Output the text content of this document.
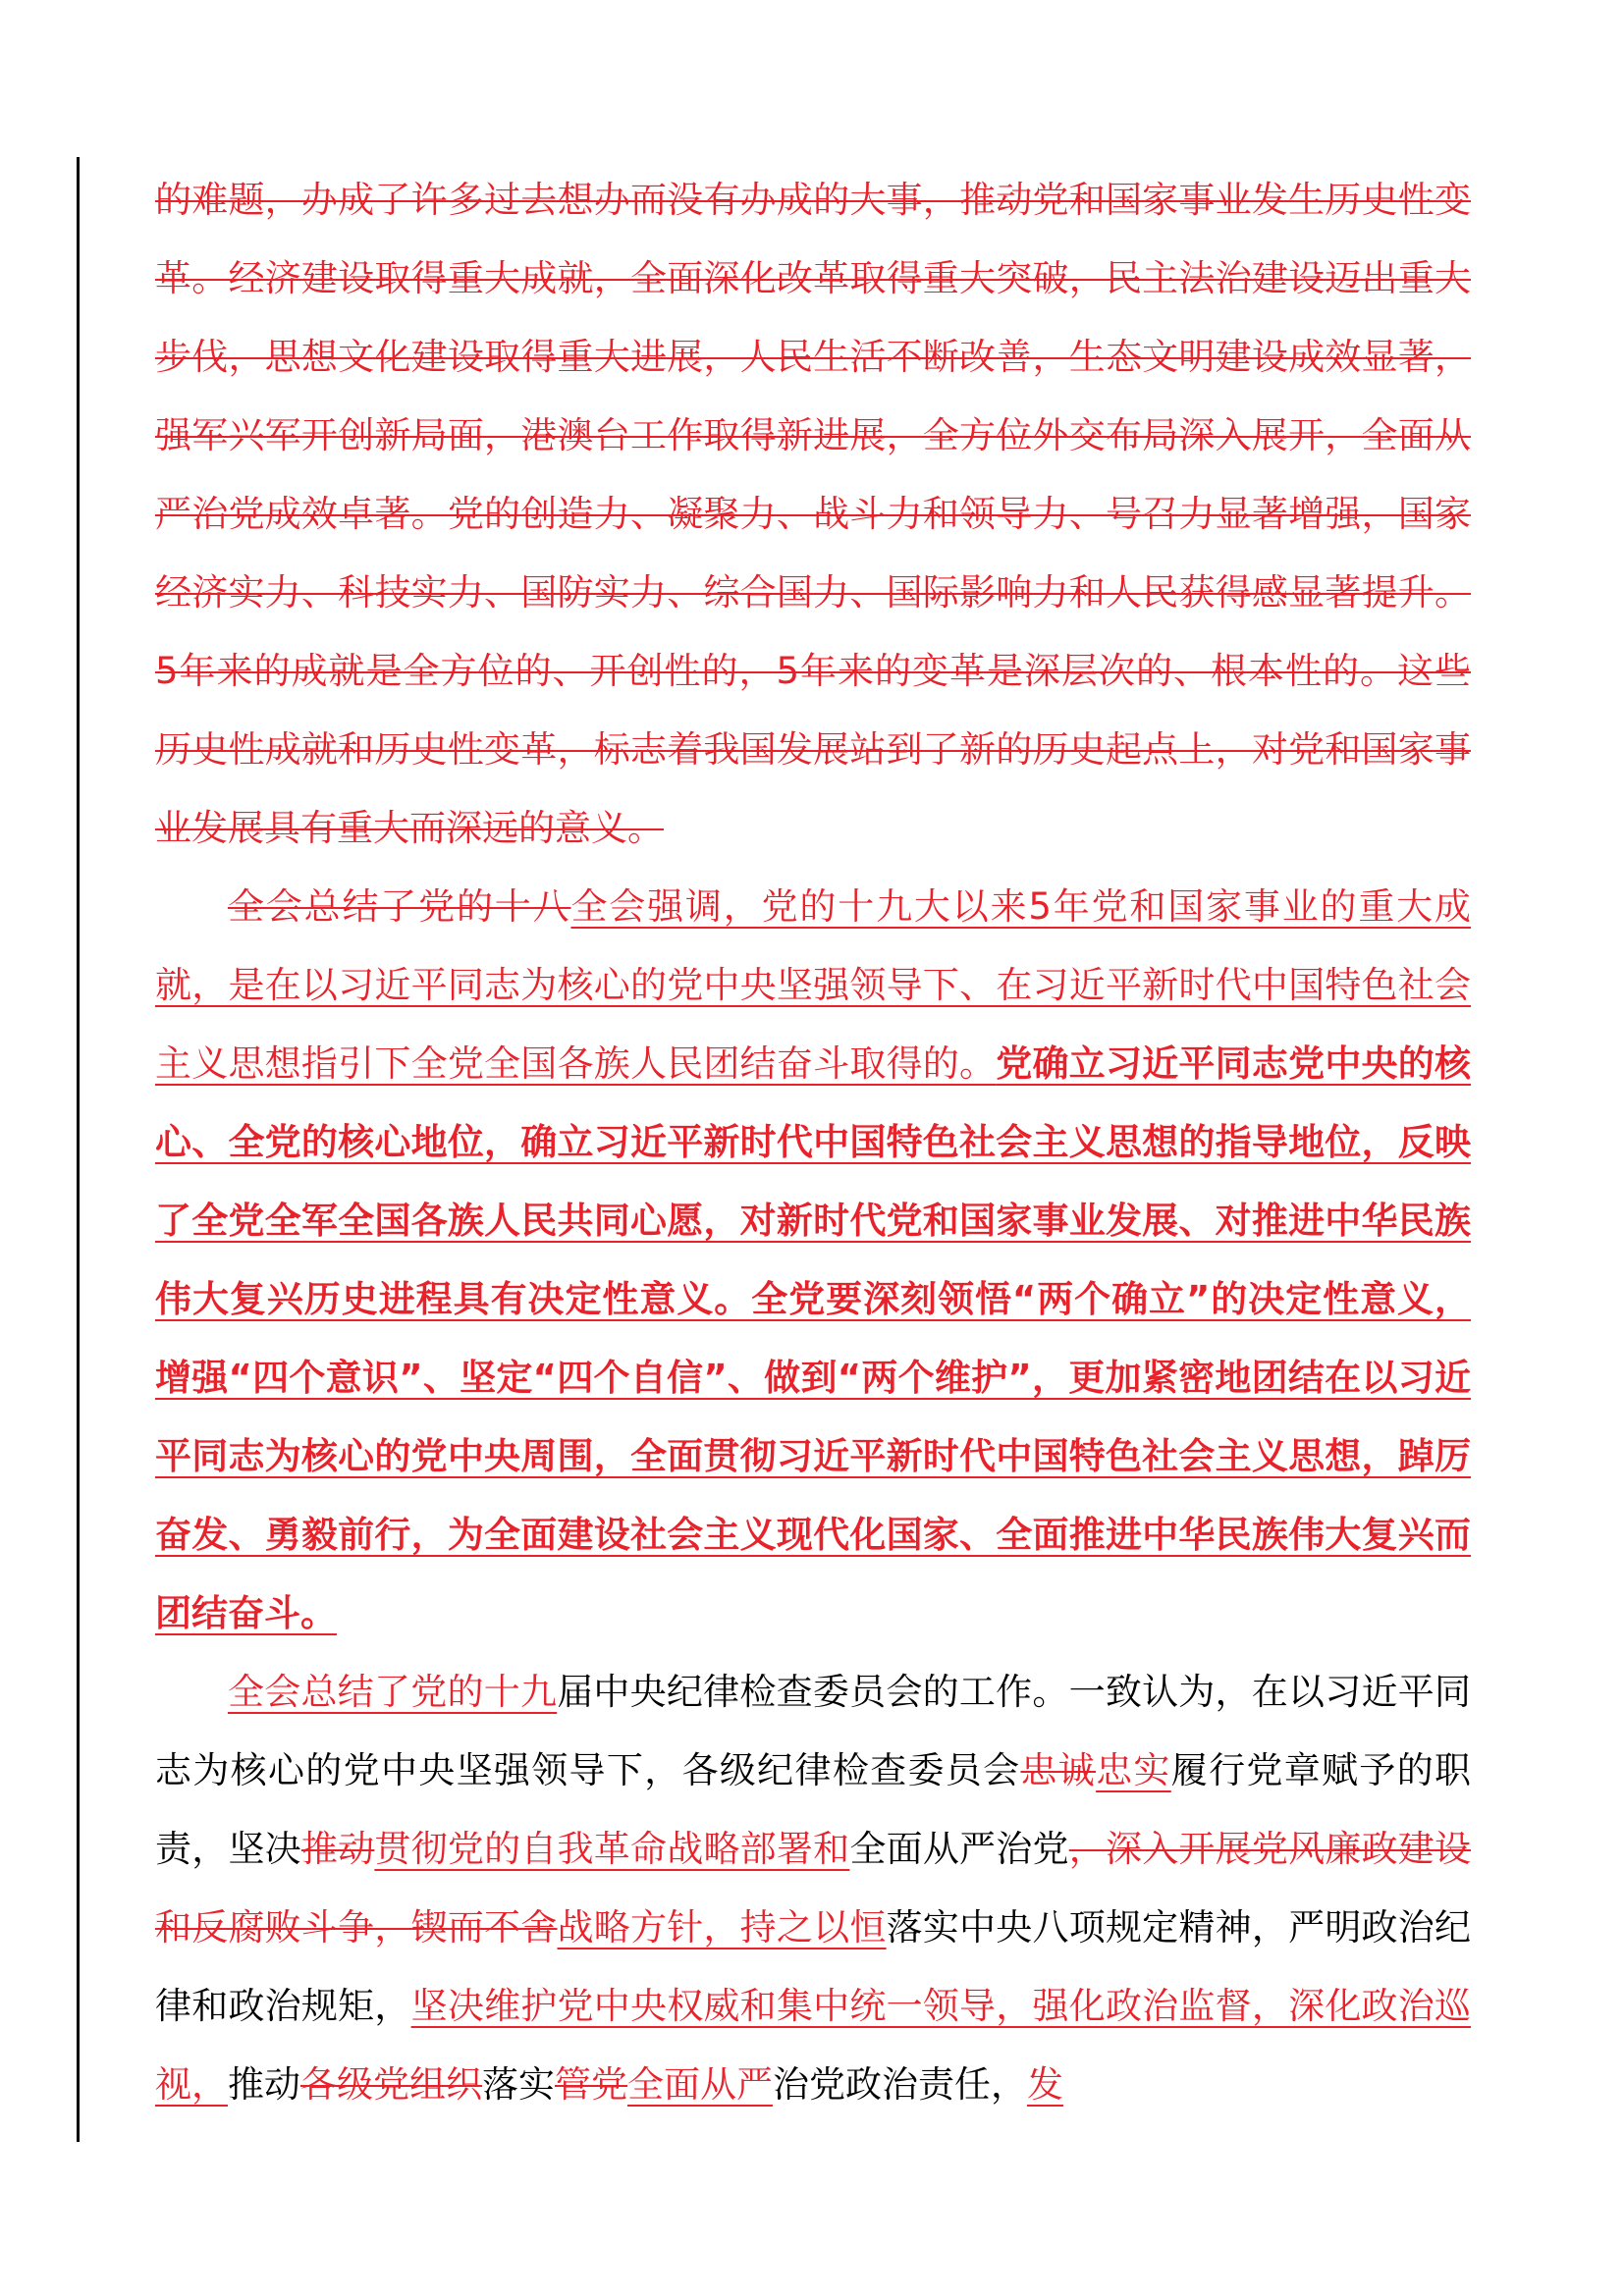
的难题，办成了许多过去想办而没有办成的大事，推动党和国家事业发生历史性变革。经济建设取得重大成就，全面深化改革取得重大突破，民主法治建设迈出重大步伐，思想文化建设取得重大进展，人民生活不断改善，生态文明建设成效显著，强军兴军开创新局面，港澳台工作取得新进展，全方位外交布局深入展开，全面从严治党成效卓著。党的创造力、凝聚力、战斗力和领导力、号召力显著增强，国家经济实力、科技实力、国防实力、综合国力、国际影响力和人民获得感显著提升。5年来的成就是全方位的、开创性的，5年来的变革是深层次的、根本性的。这些历史性成就和历史性变革，标志着我国发展站到了新的历史起点上，对党和国家事业发展具有重大而深远的意义。

全会总结了党的十八全会强调，党的十九大以来5年党和国家事业的重大成就，是在以习近平同志为核心的党中央坚强领导下、在习近平新时代中国特色社会主义思想指引下全党全国各族人民团结奋斗取得的。党确立习近平同志党中央的核心、全党的核心地位，确立习近平新时代中国特色社会主义思想的指导地位，反映了全党全军全国各族人民共同心愿，对新时代党和国家事业发展、对推进中华民族伟大复兴历史进程具有决定性意义。全党要深刻领悟“两个确立”的决定性意义，增强“四个意识”、坚定“四个自信”、做到“两个维护”，更加紧密地团结在以习近平同志为核心的党中央周围，全面贯彻习近平新时代中国特色社会主义思想，踔厉奋发、勇毅前行，为全面建设社会主义现代化国家、全面推进中华民族伟大复兴而团结奋斗。

全会总结了党的十九届中央纪律检查委员会的工作。一致认为，在以习近平同志为核心的党中央坚强领导下，各级纪律检查委员会忠诚忠实履行党章赋予的职责，坚决推动贯彻党的自我革命战略部署和全面从严治党，深入开展党风廉政建设和反腐败斗争，锲而不舍战略方针，持之以恒落实中央八项规定精神，严明政治纪律和政治规矩，坚决维护党中央权威和集中统一领导，强化政治监督，深化政治巡视，推动各级党组织落实管党全面从严治党政治责任，发
